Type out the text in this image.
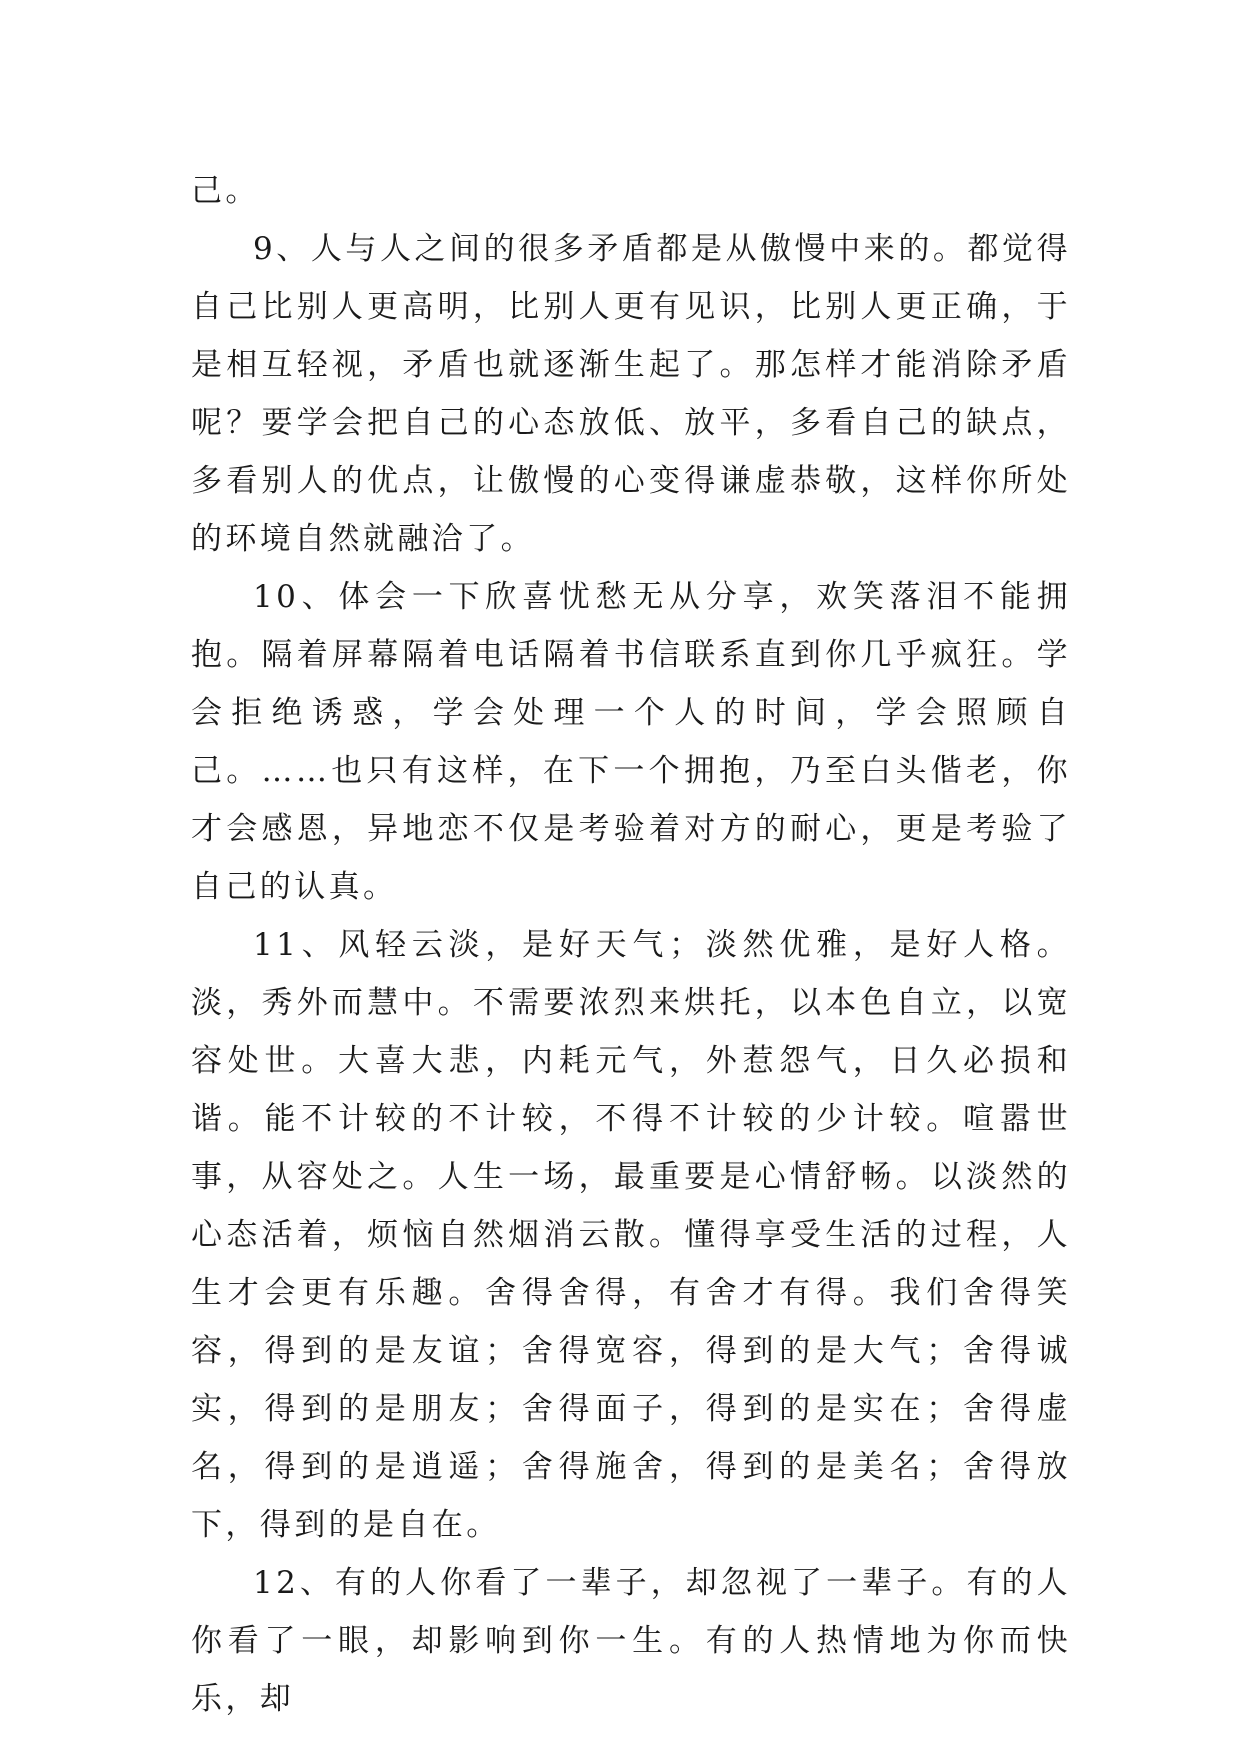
己。

9、人与人之间的很多矛盾都是从傲慢中来的。都觉得自己比别人更高明，比别人更有见识，比别人更正确，于是相互轻视，矛盾也就逐渐生起了。那怎样才能消除矛盾呢？要学会把自己的心态放低、放平，多看自己的缺点，多看别人的优点，让傲慢的心变得谦虚恭敬，这样你所处的环境自然就融洽了。

10、体会一下欣喜忧愁无从分享，欢笑落泪不能拥抱。隔着屏幕隔着电话隔着书信联系直到你几乎疯狂。学会拒绝诱惑，学会处理一个人的时间，学会照顾自己。……也只有这样，在下一个拥抱，乃至白头偕老，你才会感恩，异地恋不仅是考验着对方的耐心，更是考验了自己的认真。

11、风轻云淡，是好天气；淡然优雅，是好人格。淡，秀外而慧中。不需要浓烈来烘托，以本色自立，以宽容处世。大喜大悲，内耗元气，外惹怨气，日久必损和谐。能不计较的不计较，不得不计较的少计较。喧嚣世事，从容处之。人生一场，最重要是心情舒畅。以淡然的心态活着，烦恼自然烟消云散。懂得享受生活的过程，人生才会更有乐趣。舍得舍得，有舍才有得。我们舍得笑容，得到的是友谊；舍得宽容，得到的是大气；舍得诚实，得到的是朋友；舍得面子，得到的是实在；舍得虚名，得到的是逍遥；舍得施舍，得到的是美名；舍得放下，得到的是自在。

12、有的人你看了一辈子，却忽视了一辈子。有的人你看了一眼，却影响到你一生。有的人热情地为你而快乐，却
